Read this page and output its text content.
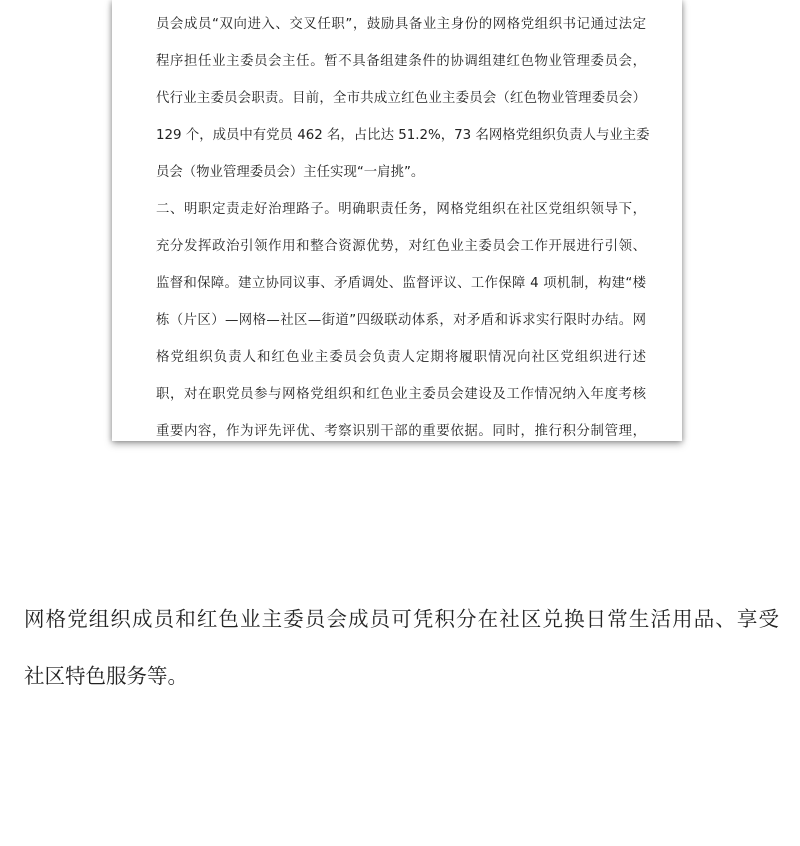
员会成员“双向进入、交叉任职”，鼓励具备业主身份的网格党组织书记通过法定
程序担任业主委员会主任。暂不具备组建条件的协调组建红色物业管理委员会，
代行业主委员会职责。目前，全市共成立红色业主委员会（红色物业管理委员会）
129 个，成员中有党员 462 名，占比达 51.2%，73 名网格党组织负责人与业主委
员会（物业管理委员会）主任实现“一肩挑”。
二、明职定责走好治理路子。明确职责任务，网格党组织在社区党组织领导下，
充分发挥政治引领作用和整合资源优势，对红色业主委员会工作开展进行引领、
监督和保障。建立协同议事、矛盾调处、监督评议、工作保障 4 项机制，构建“楼
栋（片区）—网格—社区—街道”四级联动体系，对矛盾和诉求实行限时办结。网
格党组织负责人和红色业主委员会负责人定期将履职情况向社区党组织进行述
职，对在职党员参与网格党组织和红色业主委员会建设及工作情况纳入年度考核
重要内容，作为评先评优、考察识别干部的重要依据。同时，推行积分制管理，
网格党组织成员和红色业主委员会成员可凭积分在社区兑换日常生活用品、享受
社区特色服务等。
